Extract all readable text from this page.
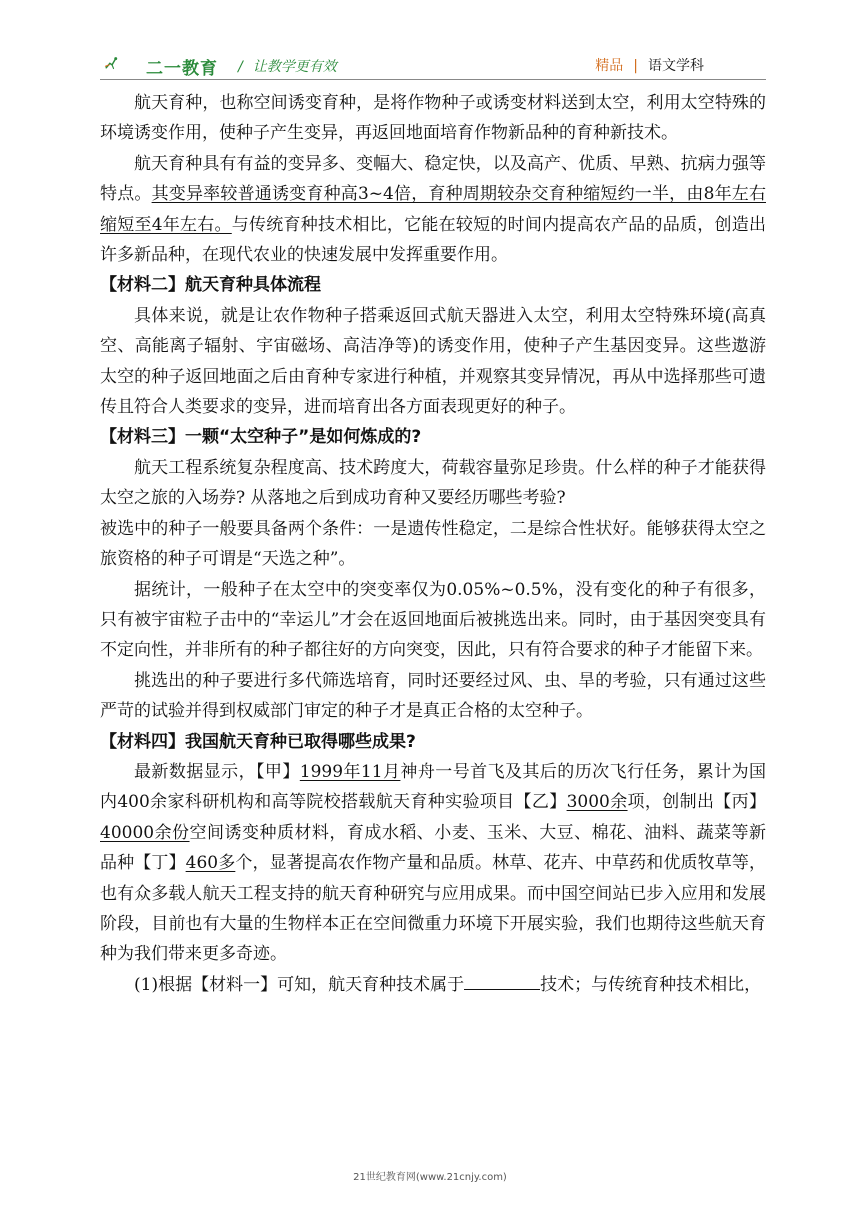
二一教育 / 让教学更有效	精品 | 语文学科

航天育种，也称空间诱变育种，是将作物种子或诱变材料送到太空，利用太空特殊的环境诱变作用，使种子产生变异，再返回地面培育作物新品种的育种新技术。

航天育种具有有益的变异多、变幅大、稳定快，以及高产、优质、早熟、抗病力强等特点。其变异率较普通诱变育种高3~4倍，育种周期较杂交育种缩短约一半，由8年左右缩短至4年左右。与传统育种技术相比，它能在较短的时间内提高农产品的品质，创造出许多新品种，在现代农业的快速发展中发挥重要作用。

【材料二】航天育种具体流程

具体来说，就是让农作物种子搭乘返回式航天器进入太空，利用太空特殊环境(高真空、高能离子辐射、宇宙磁场、高洁净等)的诱变作用，使种子产生基因变异。这些遨游太空的种子返回地面之后由育种专家进行种植，并观察其变异情况，再从中选择那些可遗传且符合人类要求的变异，进而培育出各方面表现更好的种子。

【材料三】一颗“太空种子”是如何炼成的?

航天工程系统复杂程度高、技术跨度大，荷载容量弥足珍贵。什么样的种子才能获得太空之旅的入场券? 从落地之后到成功育种又要经历哪些考验?

被选中的种子一般要具备两个条件：一是遗传性稳定，二是综合性状好。能够获得太空之旅资格的种子可谓是“天选之种”。

据统计，一般种子在太空中的突变率仅为0.05%~0.5%，没有变化的种子有很多，只有被宇宙粒子击中的“幸运儿”才会在返回地面后被挑选出来。同时，由于基因突变具有不定向性，并非所有的种子都往好的方向突变，因此，只有符合要求的种子才能留下来。

挑选出的种子要进行多代筛选培育，同时还要经过风、虫、旱的考验，只有通过这些严苛的试验并得到权威部门审定的种子才是真正合格的太空种子。

【材料四】我国航天育种已取得哪些成果?

最新数据显示，【甲】1999年11月神舟一号首飞及其后的历次飞行任务，累计为国内400余家科研机构和高等院校搭载航天育种实验项目【乙】3000余项，创制出【丙】40000余份空间诱变种质材料，育成水稻、小麦、玉米、大豆、棉花、油料、蔬菜等新品种【丁】460多个，显著提高农作物产量和品质。林草、花卉、中草药和优质牧草等，也有众多载人航天工程支持的航天育种研究与应用成果。而中国空间站已步入应用和发展阶段，目前也有大量的生物样本正在空间微重力环境下开展实验，我们也期待这些航天育种为我们带来更多奇迹。

(1)根据【材料一】可知，航天育种技术属于	技术；与传统育种技术相比，

21世纪教育网(www.21cnjy.com)
